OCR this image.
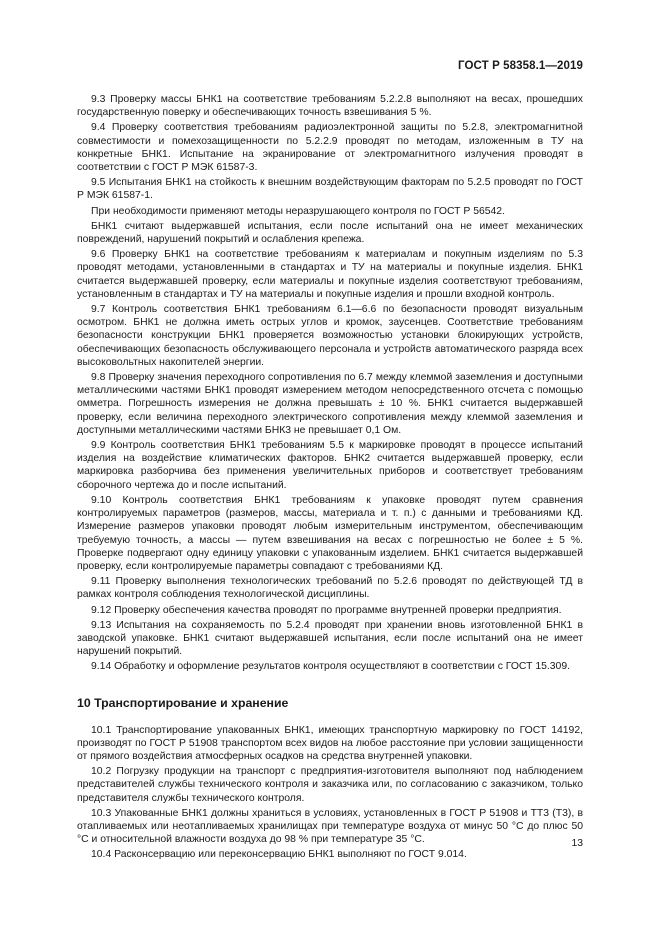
ГОСТ Р 58358.1—2019

9.3 Проверку массы БНК1 на соответствие требованиям 5.2.2.8 выполняют на весах, прошедших государственную поверку и обеспечивающих точность взвешивания 5 %.

9.4 Проверку соответствия требованиям радиоэлектронной защиты по 5.2.8, электромагнитной совместимости и помехозащищенности по 5.2.2.9 проводят по методам, изложенным в ТУ на конкретные БНК1. Испытание на экранирование от электромагнитного излучения проводят в соответствии с ГОСТ Р МЭК 61587-3.

9.5 Испытания БНК1 на стойкость к внешним воздействующим факторам по 5.2.5 проводят по ГОСТ Р МЭК 61587-1.

При необходимости применяют методы неразрушающего контроля по ГОСТ Р 56542.

БНК1 считают выдержавшей испытания, если после испытаний она не имеет механических повреждений, нарушений покрытий и ослабления крепежа.

9.6 Проверку БНК1 на соответствие требованиям к материалам и покупным изделиям по 5.3 проводят методами, установленными в стандартах и ТУ на материалы и покупные изделия. БНК1 считается выдержавшей проверку, если материалы и покупные изделия соответствуют требованиям, установленным в стандартах и ТУ на материалы и покупные изделия и прошли входной контроль.

9.7 Контроль соответствия БНК1 требованиям 6.1—6.6 по безопасности проводят визуальным осмотром. БНК1 не должна иметь острых углов и кромок, заусенцев. Соответствие требованиям безопасности конструкции БНК1 проверяется возможностью установки блокирующих устройств, обеспечивающих безопасность обслуживающего персонала и устройств автоматического разряда всех высоковольтных накопителей энергии.

9.8 Проверку значения переходного сопротивления по 6.7 между клеммой заземления и доступными металлическими частями БНК1 проводят измерением методом непосредственного отсчета с помощью омметра. Погрешность измерения не должна превышать ± 10 %. БНК1 считается выдержавшей проверку, если величина переходного электрического сопротивления между клеммой заземления и доступными металлическими частями БНК3 не превышает 0,1 Ом.

9.9 Контроль соответствия БНК1 требованиям 5.5 к маркировке проводят в процессе испытаний изделия на воздействие климатических факторов. БНК2 считается выдержавшей проверку, если маркировка разборчива без применения увеличительных приборов и соответствует требованиям сборочного чертежа до и после испытаний.

9.10 Контроль соответствия БНК1 требованиям к упаковке проводят путем сравнения контролируемых параметров (размеров, массы, материала и т. п.) с данными и требованиями КД. Измерение размеров упаковки проводят любым измерительным инструментом, обеспечивающим требуемую точность, а массы — путем взвешивания на весах с погрешностью не более ± 5 %. Проверке подвергают одну единицу упаковки с упакованным изделием. БНК1 считается выдержавшей проверку, если контролируемые параметры совпадают с требованиями КД.

9.11 Проверку выполнения технологических требований по 5.2.6 проводят по действующей ТД в рамках контроля соблюдения технологической дисциплины.

9.12 Проверку обеспечения качества проводят по программе внутренней проверки предприятия.

9.13 Испытания на сохраняемость по 5.2.4 проводят при хранении вновь изготовленной БНК1 в заводской упаковке. БНК1 считают выдержавшей испытания, если после испытаний она не имеет нарушений покрытий.

9.14 Обработку и оформление результатов контроля осуществляют в соответствии с ГОСТ 15.309.

10 Транспортирование и хранение

10.1 Транспортирование упакованных БНК1, имеющих транспортную маркировку по ГОСТ 14192, производят по ГОСТ Р 51908 транспортом всех видов на любое расстояние при условии защищенности от прямого воздействия атмосферных осадков на средства внутренней упаковки.

10.2 Погрузку продукции на транспорт с предприятия-изготовителя выполняют под наблюдением представителей службы технического контроля и заказчика или, по согласованию с заказчиком, только представителя службы технического контроля.

10.3 Упакованные БНК1 должны храниться в условиях, установленных в ГОСТ Р 51908 и ТТ3 (Т3), в отапливаемых или неотапливаемых хранилищах при температуре воздуха от минус 50 °С до плюс 50 °С и относительной влажности воздуха до 98 % при температуре 35 °С.

10.4 Расконсервацию или переконсервацию БНК1 выполняют по ГОСТ 9.014.

13
